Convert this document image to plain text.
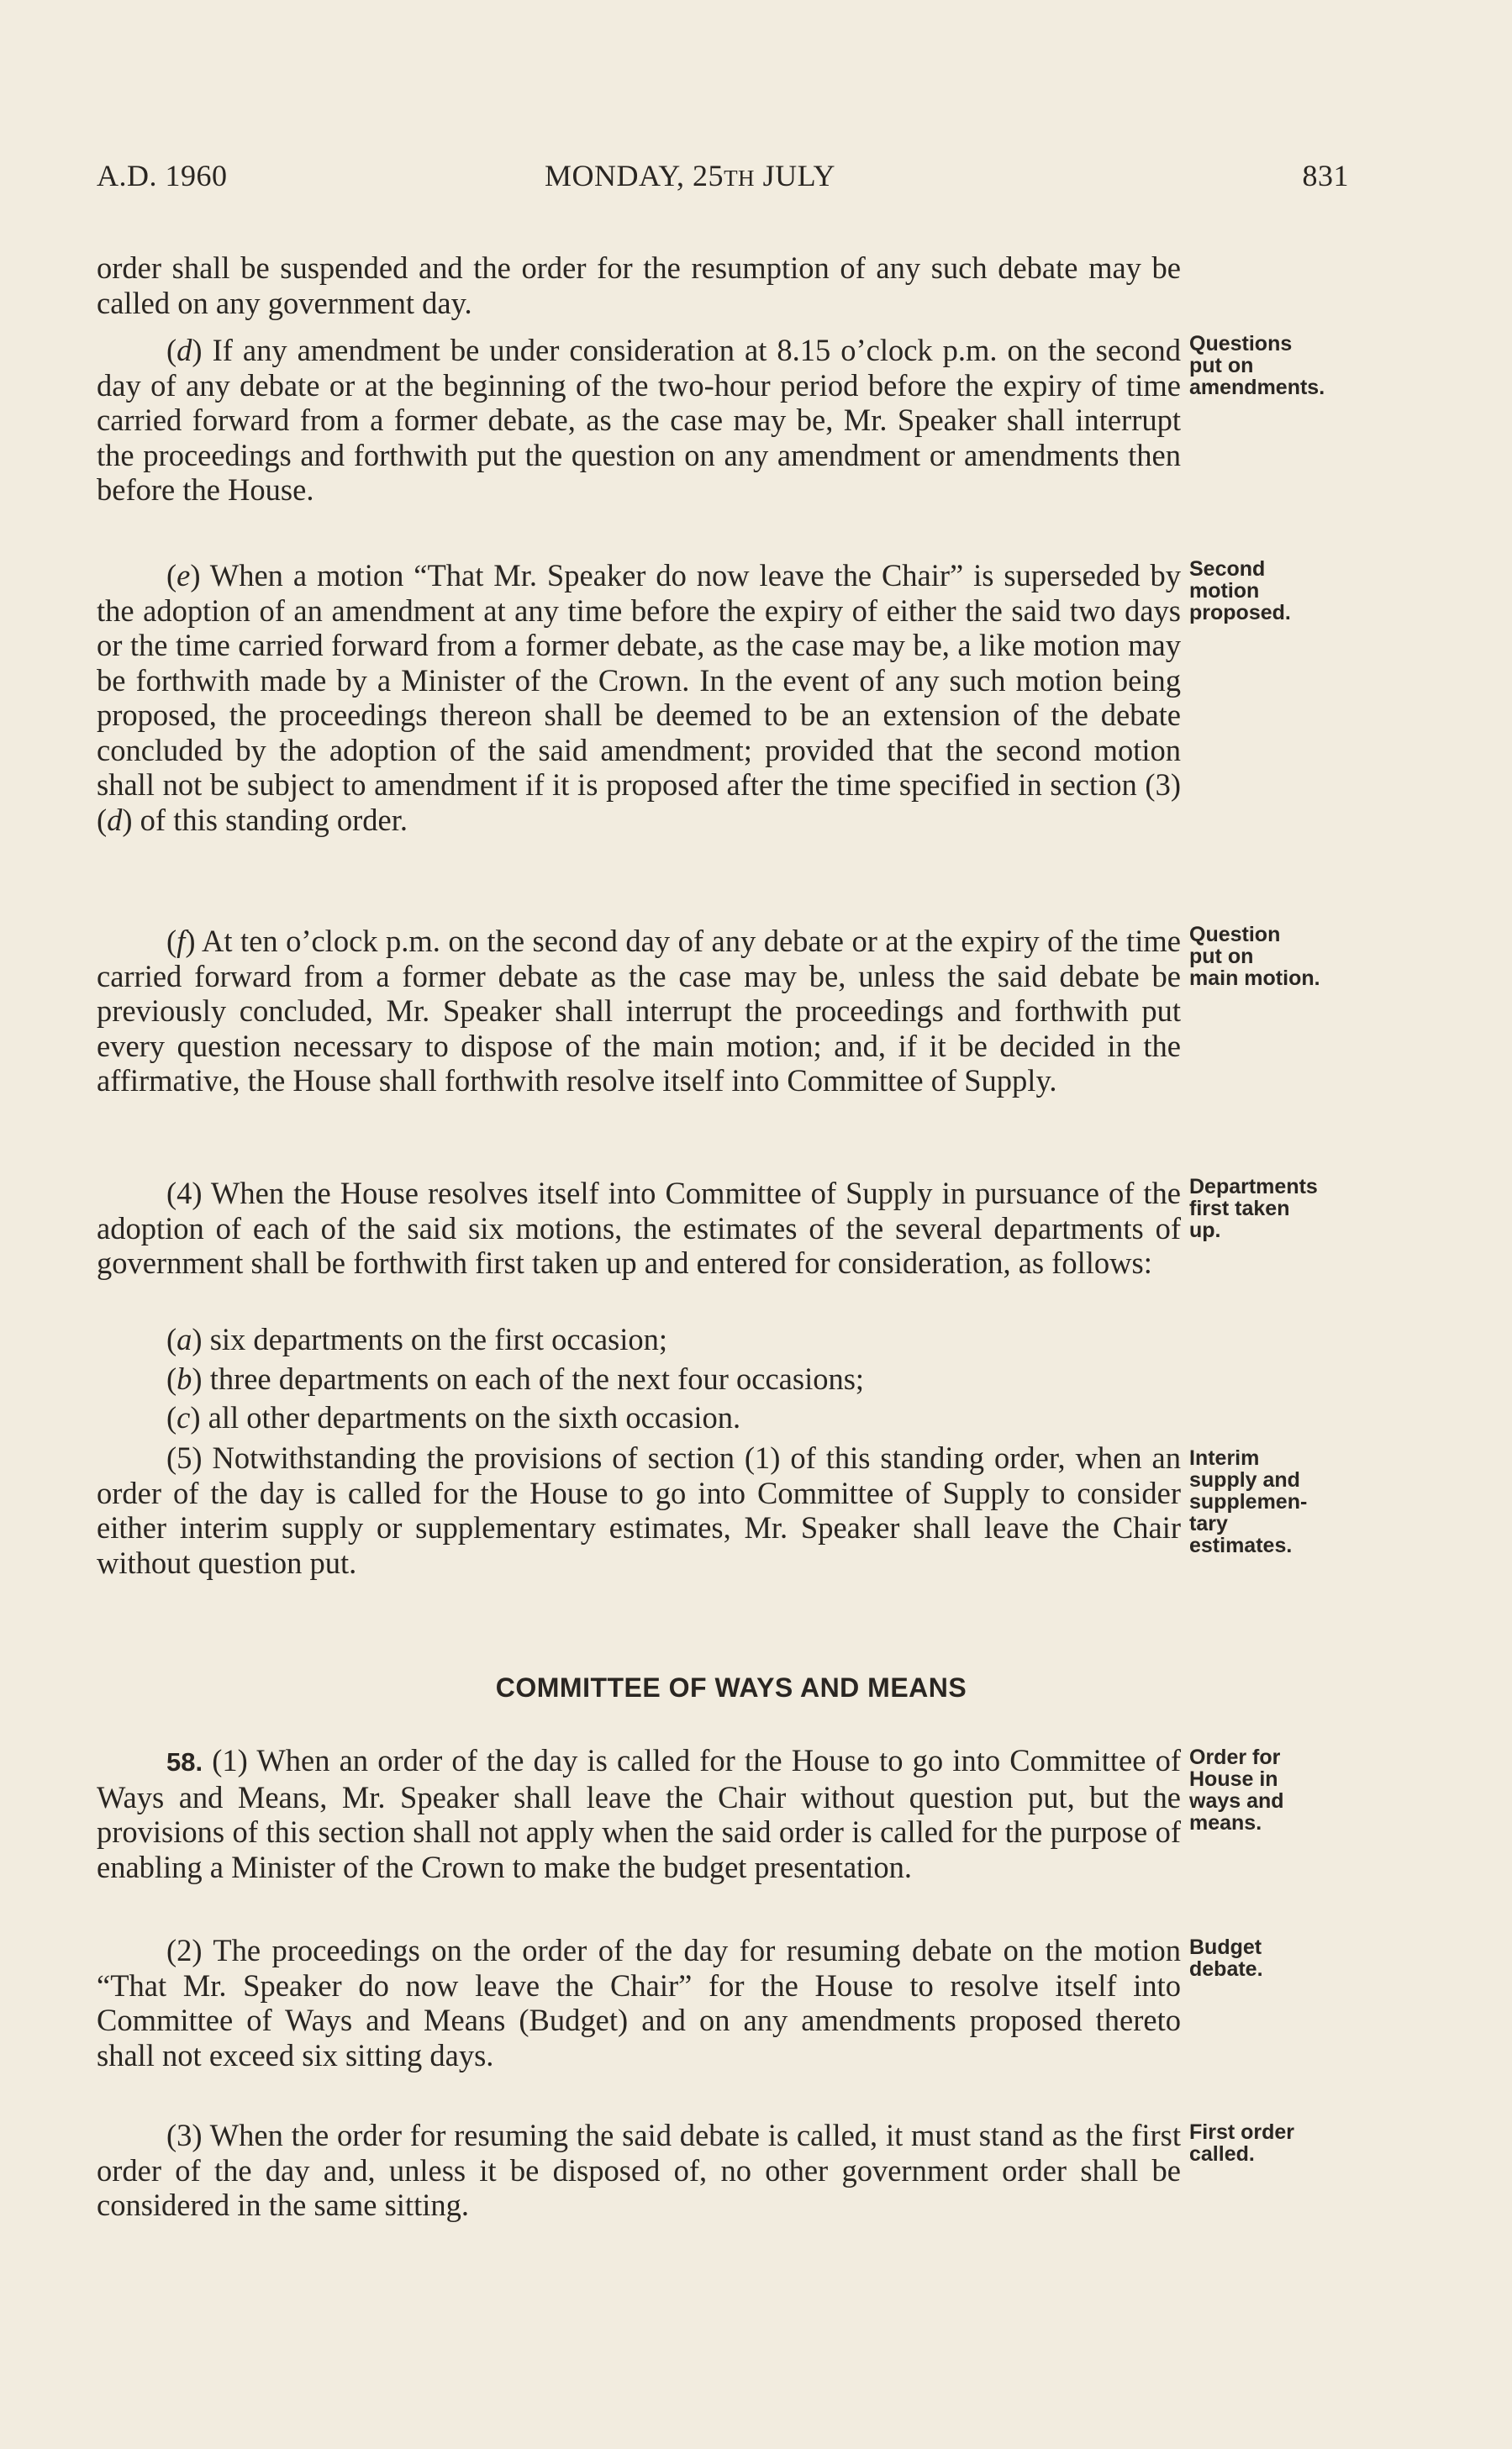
A.D. 1960	MONDAY, 25TH JULY	831
order shall be suspended and the order for the resumption of any such debate may be called on any government day.
(d) If any amendment be under consideration at 8.15 o’clock p.m. on the second day of any debate or at the beginning of the two-hour period before the expiry of time carried forward from a former debate, as the case may be, Mr. Speaker shall interrupt the proceedings and forthwith put the question on any amendment or amendments then before the House.
Questions
put on
amendments.
(e) When a motion “That Mr. Speaker do now leave the Chair” is superseded by the adoption of an amendment at any time before the expiry of either the said two days or the time carried forward from a former debate, as the case may be, a like motion may be forthwith made by a Minister of the Crown. In the event of any such motion being proposed, the proceedings thereon shall be deemed to be an extension of the debate concluded by the adoption of the said amendment; provided that the second motion shall not be subject to amendment if it is proposed after the time specified in section (3) (d) of this standing order.
Second
motion
proposed.
(f) At ten o’clock p.m. on the second day of any debate or at the expiry of the time carried forward from a former debate as the case may be, unless the said debate be previously concluded, Mr. Speaker shall interrupt the proceedings and forthwith put every question necessary to dispose of the main motion; and, if it be decided in the affirmative, the House shall forthwith resolve itself into Committee of Supply.
Question
put on
main motion.
(4) When the House resolves itself into Committee of Supply in pursuance of the adoption of each of the said six motions, the estimates of the several departments of government shall be forthwith first taken up and entered for consideration, as follows:
Departments
first taken
up.
(a) six departments on the first occasion;
(b) three departments on each of the next four occasions;
(c) all other departments on the sixth occasion.
(5) Notwithstanding the provisions of section (1) of this standing order, when an order of the day is called for the House to go into Committee of Supply to consider either interim supply or supplementary estimates, Mr. Speaker shall leave the Chair without question put.
Interim
supply and
supplemen-
tary
estimates.
COMMITTEE OF WAYS AND MEANS
58. (1) When an order of the day is called for the House to go into Committee of Ways and Means, Mr. Speaker shall leave the Chair without question put, but the provisions of this section shall not apply when the said order is called for the purpose of enabling a Minister of the Crown to make the budget presentation.
Order for
House in
ways and
means.
(2) The proceedings on the order of the day for resuming debate on the motion “That Mr. Speaker do now leave the Chair” for the House to resolve itself into Committee of Ways and Means (Budget) and on any amendments proposed thereto shall not exceed six sitting days.
Budget
debate.
(3) When the order for resuming the said debate is called, it must stand as the first order of the day and, unless it be disposed of, no other government order shall be considered in the same sitting.
First order
called.
